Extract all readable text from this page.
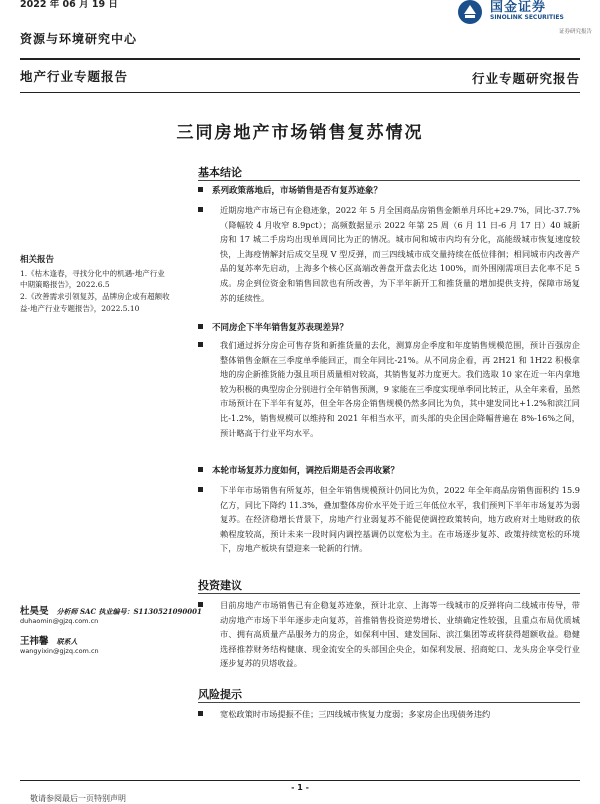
2022 年 06 月 19 日
资源与环境研究中心
地产行业专题报告	行业专题研究报告
国金证券
SINOLINK SECURITIES
证券研究报告
三同房地产市场销售复苏情况
基本结论
系列政策落地后，市场销售是否有复苏迹象？
近期房地产市场已有企稳迹象，2022 年 5 月全国商品房销售金额单月环比+29.7%，同比-37.7%（降幅较 4 月收窄 8.9pct）；高频数据显示 2022 年第 25 周（6 月 11 日-6 月 17 日）40 城新房和 17 城二手房均出现单周同比为正的情况。城市间和城市内均有分化，高能级城市恢复速度较快，上海疫情解封后成交呈现 V 型反弹，而三四线城市成交量持续在低位徘徊；相同城市内改善产品的复苏率先启动，上海多个核心区高端改善盘开盘去化达 100%，而外围刚需项目去化率不足 5 成。房企到位资金和销售回款也有所改善，为下半年新开工和推货量的增加提供支持，保障市场复苏的延续性。
不同房企下半年销售复苏表现差异？
我们通过拆分房企可售存货和新推货量的去化，测算房企季度和年度销售规模范围，预计百强房企整体销售金额在三季度单季能回正，而全年同比-21%。从不同房企看，再 2H21 和 1H22 积极拿地的房企新推货能力强且项目质量相对较高，其销售复苏力度更大。我们选取 10 家在近一年内拿地较为积极的典型房企分别进行全年销售预测，9 家能在三季度实现单季同比转正，从全年来看，虽然市场预计在下半年有复苏，但全年各房企销售规模仍然多同比为负，其中建发同比+1.2%和滨江同比-1.2%，销售规模可以维持和 2021 年相当水平，而头部的央企国企降幅普遍在 8%-16%之间，预计略高于行业平均水平。
本轮市场复苏力度如何，调控后期是否会再收紧？
下半年市场销售有所复苏，但全年销售规模预计仍同比为负，2022 年全年商品房销售面积约 15.9 亿方，同比下降约 11.3%，叠加整体房价水平处于近三年低位水平，我们预判下半年市场复苏为弱复苏。在经济稳增长背景下，房地产行业弱复苏不能促使调控政策转向，地方政府对土地财政的依赖程度较高，预计未来一段时间内调控基调仍以宽松为主。在市场逐步复苏、政策持续宽松的环境下，房地产板块有望迎来一轮新的行情。
投资建议
目前房地产市场销售已有企稳复苏迹象，预计北京、上海等一线城市的反弹将向二线城市传导，带动房地产市场下半年逐步走向复苏，首推销售投资逆势增长、业绩确定性较强，且重点布局优质城市、拥有高质量产品服务力的房企，如保利中国、建发国际、滨江集团等或将获得超额收益。稳健选择推荐财务结构健康、现金流安全的头部国企央企，如保利发展、招商蛇口、龙头房企享受行业逐步复苏的贝塔收益。
风险提示
宽松政策时市场提振不佳；三四线城市恢复力度弱；多家房企出现债务违约
相关报告
1.《枯木逢春，寻找分化中的机遇-地产行业中期策略报告》，2022.6.5
2.《改善需求引领复苏，品牌房企或有超额收益-地产行业专题报告》，2022.5.10
杜昊旻 分析师 SAC 执业编号：S1130521090001
duhaomin@gjzq.com.cn
王祎馨 联系人
wangyixin@gjzq.com.cn
- 1 -
敬请参阅最后一页特别声明
